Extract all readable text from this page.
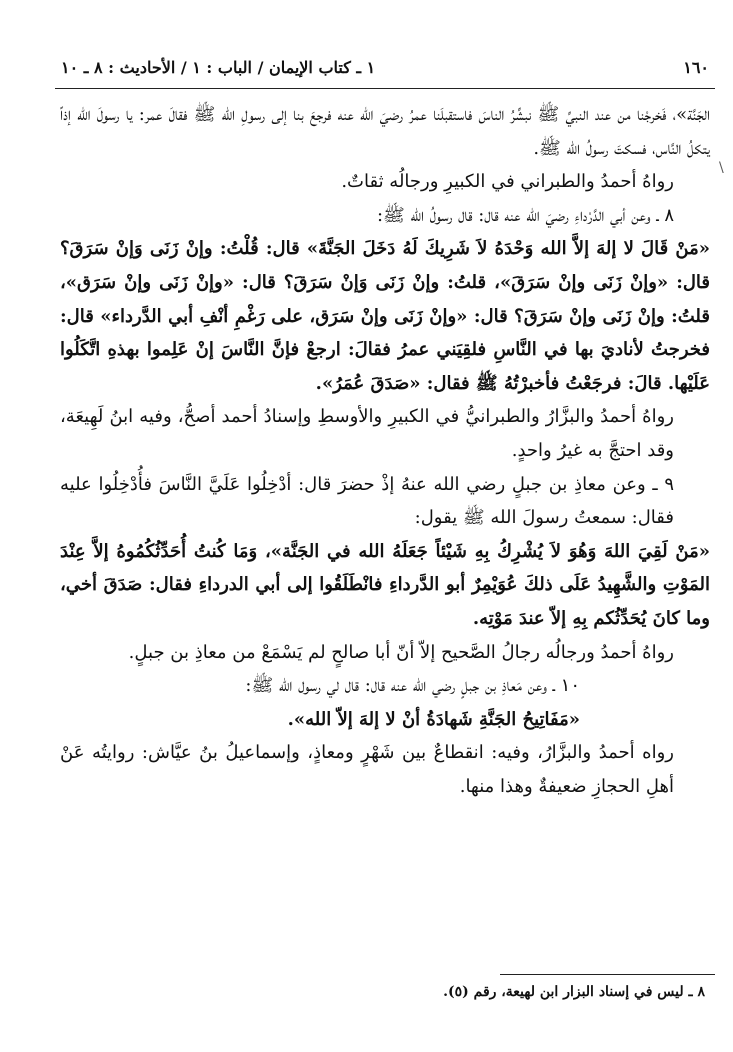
١٦٠
١ ـ كتاب الإيمان / الباب : ١ / الأحاديث : ٨ ـ ١٠
\

الجَنَّة»، فَخرجْنا من عند النبيِّ ﷺ نبشِّرُ الناسَ فاستقبلَنا عمرُ رضيَ الله عنه فرجعَ بنا إلى رسولِ الله ﷺ فقالَ عمر: يا رسولَ الله إذاً يتكلُ النَّاس، فسكتَ رسولُ الله ﷺ.

رواهُ أحمدُ والطبراني في الكبيرِ ورجالُه ثقاتٌ.

٨ ـ وعن أبي الدَّرْداءِ رضيَ الله عنه قال: قال رسولُ الله ﷺ:

«مَنْ قَالَ لا إلهَ إلاَّ الله وَحْدَهُ لاَ شَرِيكَ لَهُ دَخَلَ الجَنَّةَ» قال: قُلْتُ: وإنْ زَنَى وَإنْ سَرَقَ؟ قال: «وإنْ زَنَى وإنْ سَرَقَ»، قلتُ: وإنْ زَنَى وَإنْ سَرَقَ؟ قال: «وإنْ زَنَى وإنْ سَرَق»، قلتُ: وإنْ زَنَى وإنْ سَرَقَ؟ قال: «وإنْ زَنَى وإنْ سَرَق، على رَغْمِ أنْفِ أبي الدَّرداء» قال: فخرجتُ لأناديَ بها في النَّاسِ فلقِيَني عمرُ فقالَ: ارجعْ فإنَّ النَّاسَ إنْ عَلِموا بهذهِ اتَّكَلُوا عَلَيْها. قالَ: فرجَعْتُ فأخبرْتُهُ ﷺ فقال: «صَدَقَ عُمَرُ».

رواهُ أحمدُ والبزَّارُ والطبرانيُّ في الكبيرِ والأوسطِ وإسنادُ أحمد أصحُّ، وفيه ابنُ لَهِيعَة، وقد احتجَّ به غيرُ واحدٍ.

٩ ـ وعن معاذِ بن جبلٍ رضي الله عنهُ إذْ حضرَ قال: أدْخِلُوا عَلَيَّ النَّاسَ فأُدْخِلُوا عليه فقال: سمعتُ رسولَ الله ﷺ يقول:

«مَنْ لَقِيَ اللهَ وَهُوَ لاَ يُشْرِكُ بِهِ شَيْئاً جَعَلَهُ الله في الجَنَّة»، وَمَا كُنتُ أُحَدِّثُكُمُوهُ إلاَّ عِنْدَ المَوْتِ والشَّهِيدُ عَلَى ذلكَ عُوَيْمِرٌ أبو الدَّرداءِ فانْطَلَقُوا إلى أبي الدرداءِ فقال: صَدَقَ أخي، وما كانَ يُحَدِّثُكم بِهِ إلاّ عندَ مَوْتِه.

رواهُ أحمدُ ورجالُه رجالُ الصَّحيح إلاّ أنّ أبا صالحٍ لم يَسْمَعْ من معاذِ بن جبلٍ.

١٠ ـ وعن مَعاذِ بن جبلٍ رضي الله عنه قال: قال لي رسول الله ﷺ:

«مَفَاتِيحُ الجَنَّةِ شَهادَةُ أنْ لا إلهَ إلاّ الله».

رواه أحمدُ والبزَّارُ، وفيه: انقطاعٌ بين شَهْرٍ ومعاذٍ، وإسماعيلُ بنُ عيَّاش: روايتُه عَنْ أهلِ الحجازِ ضعيفةٌ وهذا منها.

٨ ـ ليس في إسناد البزار ابن لهيعة، رقم (٥).
